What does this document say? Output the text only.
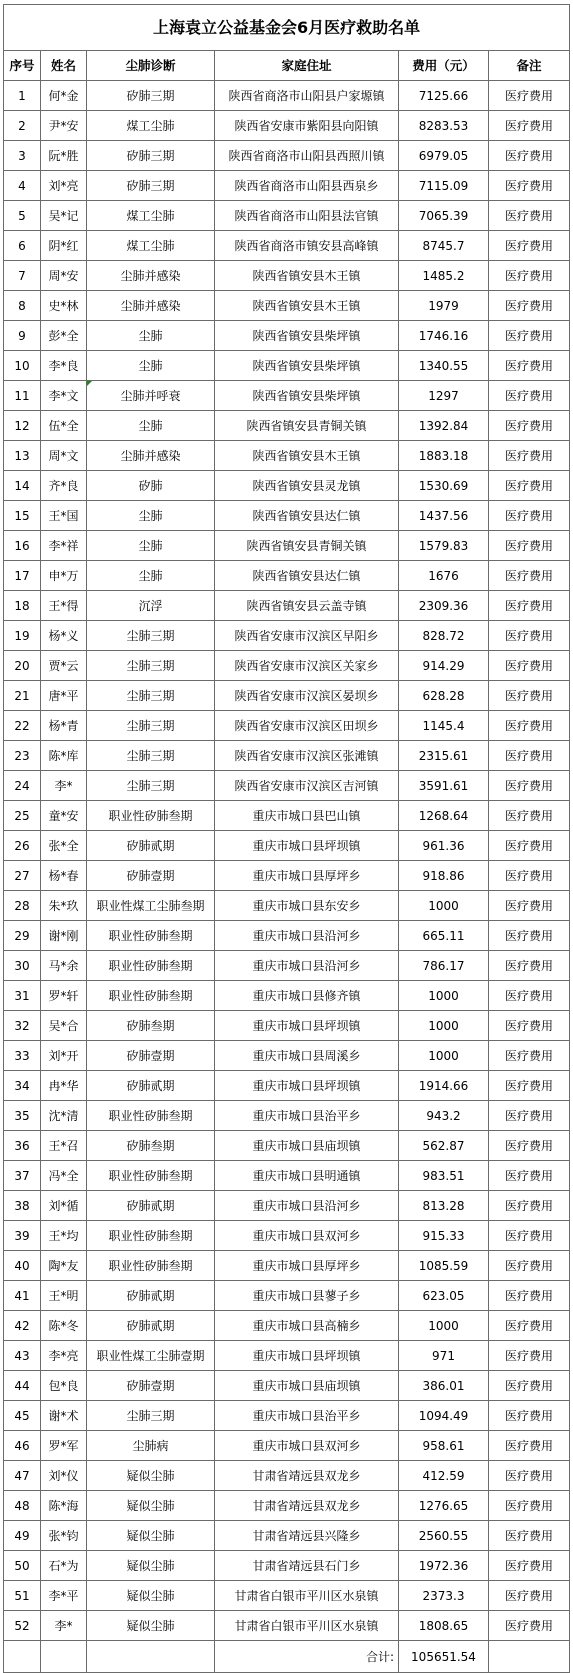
上海袁立公益基金会6月医疗救助名单					
序号	姓名	尘肺诊断	家庭住址	费用（元）	备注
1	何*金	矽肺三期	陕西省商洛市山阳县户家塬镇	7125.66	医疗费用
2	尹*安	煤工尘肺	陕西省安康市紫阳县向阳镇	8283.53	医疗费用
3	阮*胜	矽肺三期	陕西省商洛市山阳县西照川镇	6979.05	医疗费用
4	刘*亮	矽肺三期	陕西省商洛市山阳县西泉乡	7115.09	医疗费用
5	吴*记	煤工尘肺	陕西省商洛市山阳县法官镇	7065.39	医疗费用
6	阴*红	煤工尘肺	陕西省商洛市镇安县高峰镇	8745.7	医疗费用
7	周*安	尘肺并感染	陕西省镇安县木王镇	1485.2	医疗费用
8	史*林	尘肺并感染	陕西省镇安县木王镇	1979	医疗费用
9	彭*全	尘肺	陕西省镇安县柴坪镇	1746.16	医疗费用
10	李*良	尘肺	陕西省镇安县柴坪镇	1340.55	医疗费用
11	李*文	尘肺并呼衰	陕西省镇安县柴坪镇	1297	医疗费用
12	伍*全	尘肺	陕西省镇安县青铜关镇	1392.84	医疗费用
13	周*文	尘肺并感染	陕西省镇安县木王镇	1883.18	医疗费用
14	齐*良	矽肺	陕西省镇安县灵龙镇	1530.69	医疗费用
15	王*国	尘肺	陕西省镇安县达仁镇	1437.56	医疗费用
16	李*祥	尘肺	陕西省镇安县青铜关镇	1579.83	医疗费用
17	申*万	尘肺	陕西省镇安县达仁镇	1676	医疗费用
18	王*得	沉浮	陕西省镇安县云盖寺镇	2309.36	医疗费用
19	杨*义	尘肺三期	陕西省安康市汉滨区早阳乡	828.72	医疗费用
20	贾*云	尘肺三期	陕西省安康市汉滨区关家乡	914.29	医疗费用
21	唐*平	尘肺三期	陕西省安康市汉滨区晏坝乡	628.28	医疗费用
22	杨*青	尘肺三期	陕西省安康市汉滨区田坝乡	1145.4	医疗费用
23	陈*库	尘肺三期	陕西省安康市汉滨区张滩镇	2315.61	医疗费用
24	李*	尘肺三期	陕西省安康市汉滨区吉河镇	3591.61	医疗费用
25	童*安	职业性矽肺叁期	重庆市城口县巴山镇	1268.64	医疗费用
26	张*全	矽肺贰期	重庆市城口县坪坝镇	961.36	医疗费用
27	杨*春	矽肺壹期	重庆市城口县厚坪乡	918.86	医疗费用
28	朱*玖	职业性煤工尘肺叁期	重庆市城口县东安乡	1000	医疗费用
29	谢*刚	职业性矽肺叁期	重庆市城口县沿河乡	665.11	医疗费用
30	马*余	职业性矽肺叁期	重庆市城口县沿河乡	786.17	医疗费用
31	罗*轩	职业性矽肺叁期	重庆市城口县修齐镇	1000	医疗费用
32	吴*合	矽肺叁期	重庆市城口县坪坝镇	1000	医疗费用
33	刘*开	矽肺壹期	重庆市城口县周溪乡	1000	医疗费用
34	冉*华	矽肺贰期	重庆市城口县坪坝镇	1914.66	医疗费用
35	沈*清	职业性矽肺叁期	重庆市城口县治平乡	943.2	医疗费用
36	王*召	矽肺叁期	重庆市城口县庙坝镇	562.87	医疗费用
37	冯*全	职业性矽肺叁期	重庆市城口县明通镇	983.51	医疗费用
38	刘*循	矽肺贰期	重庆市城口县沿河乡	813.28	医疗费用
39	王*均	职业性矽肺叁期	重庆市城口县双河乡	915.33	医疗费用
40	陶*友	职业性矽肺叁期	重庆市城口县厚坪乡	1085.59	医疗费用
41	王*明	矽肺贰期	重庆市城口县蓼子乡	623.05	医疗费用
42	陈*冬	矽肺贰期	重庆市城口县高楠乡	1000	医疗费用
43	李*亮	职业性煤工尘肺壹期	重庆市城口县坪坝镇	971	医疗费用
44	包*良	矽肺壹期	重庆市城口县庙坝镇	386.01	医疗费用
45	谢*术	尘肺三期	重庆市城口县治平乡	1094.49	医疗费用
46	罗*军	尘肺病	重庆市城口县双河乡	958.61	医疗费用
47	刘*仪	疑似尘肺	甘肃省靖远县双龙乡	412.59	医疗费用
48	陈*海	疑似尘肺	甘肃省靖远县双龙乡	1276.65	医疗费用
49	张*钧	疑似尘肺	甘肃省靖远县兴隆乡	2560.55	医疗费用
50	石*为	疑似尘肺	甘肃省靖远县石门乡	1972.36	医疗费用
51	李*平	疑似尘肺	甘肃省白银市平川区水泉镇	2373.3	医疗费用
52	李*	疑似尘肺	甘肃省白银市平川区水泉镇	1808.65	医疗费用
			合计:	105651.54	
